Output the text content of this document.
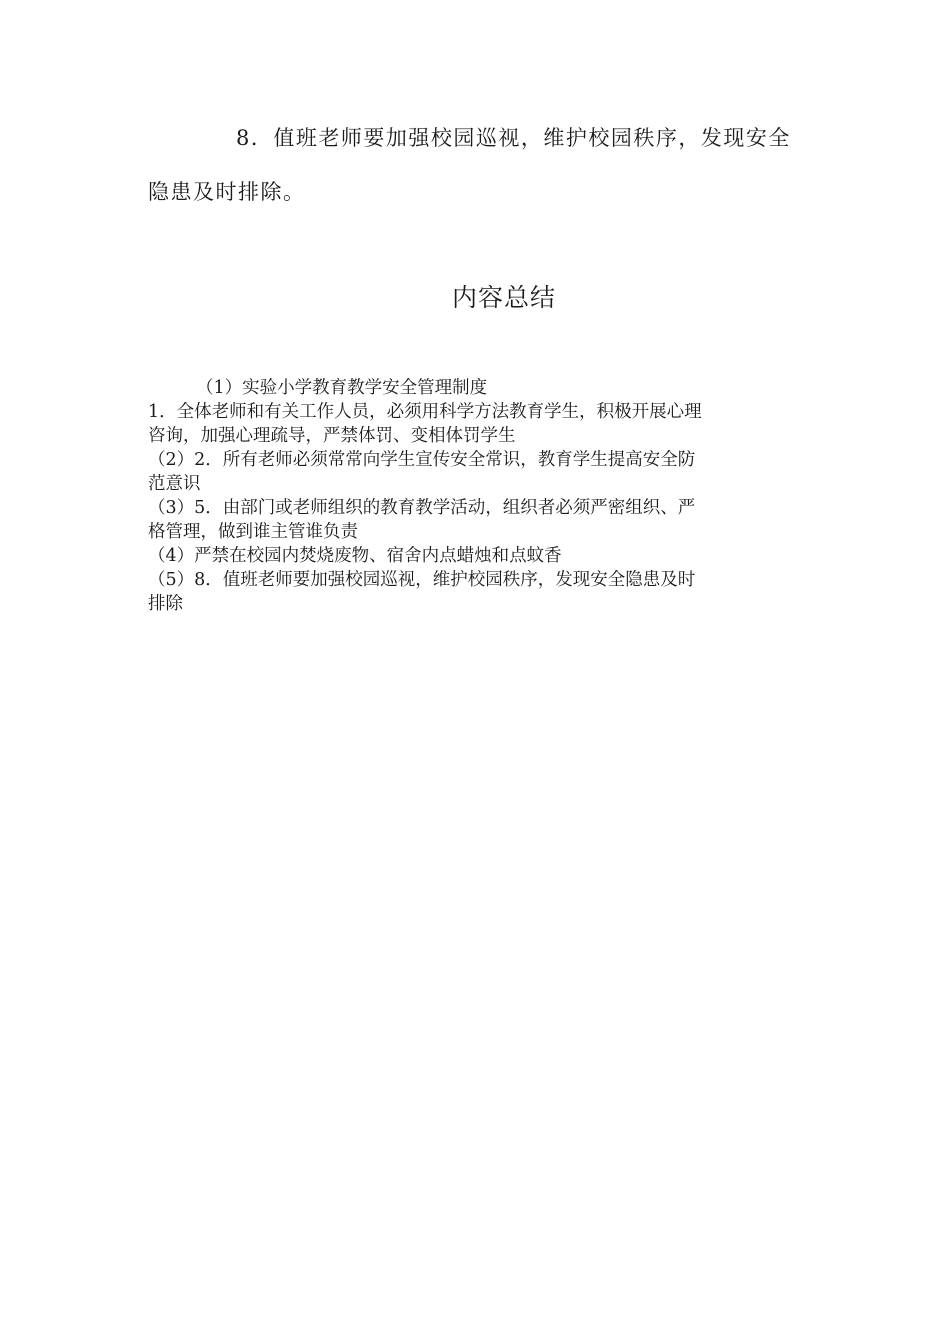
8．值班老师要加强校园巡视，维护校园秩序，发现安全
隐患及时排除。
内容总结
（1）实验小学教育教学安全管理制度
1．全体老师和有关工作人员，必须用科学方法教育学生，积极开展心理
咨询，加强心理疏导，严禁体罚、变相体罚学生
（2）2．所有老师必须常常向学生宣传安全常识，教育学生提高安全防
范意识
（3）5．由部门或老师组织的教育教学活动，组织者必须严密组织、严
格管理，做到谁主管谁负责
（4）严禁在校园内焚烧废物、宿舍内点蜡烛和点蚊香
（5）8．值班老师要加强校园巡视，维护校园秩序，发现安全隐患及时
排除
